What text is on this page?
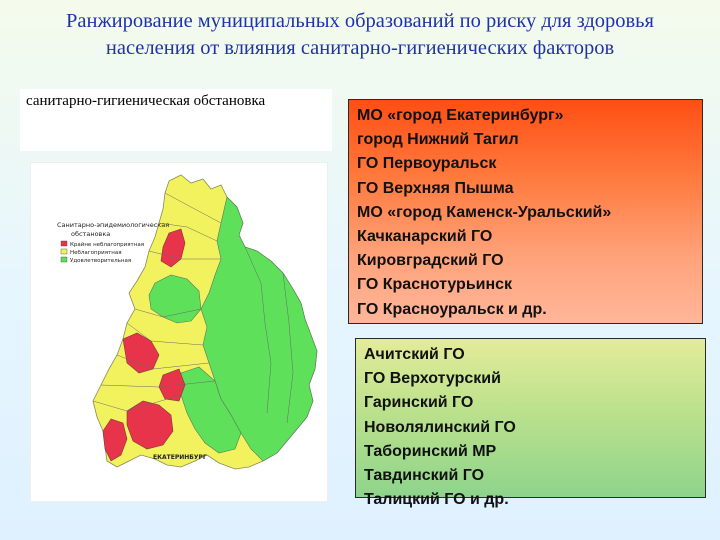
Ранжирование муниципальных образований по риску для здоровья
населения от влияния санитарно-гигиенических факторов
санитарно-гигиеническая обстановка
Санитарно-эпидемиологическая
обстановка
Крайне неблагоприятная
Неблагоприятная
Удовлетворительная
ЕКАТЕРИНБУРГ
МО «город Екатеринбург»
город Нижний Тагил
ГО Первоуральск
ГО Верхняя Пышма
МО «город Каменск-Уральский»
Качканарский ГО
Кировградский ГО
ГО Краснотурьинск
ГО Красноуральск и др.
Ачитский ГО
ГО Верхотурский
Гаринский ГО
Новолялинский ГО
Таборинский МР
Тавдинский ГО
Талицкий ГО и др.
